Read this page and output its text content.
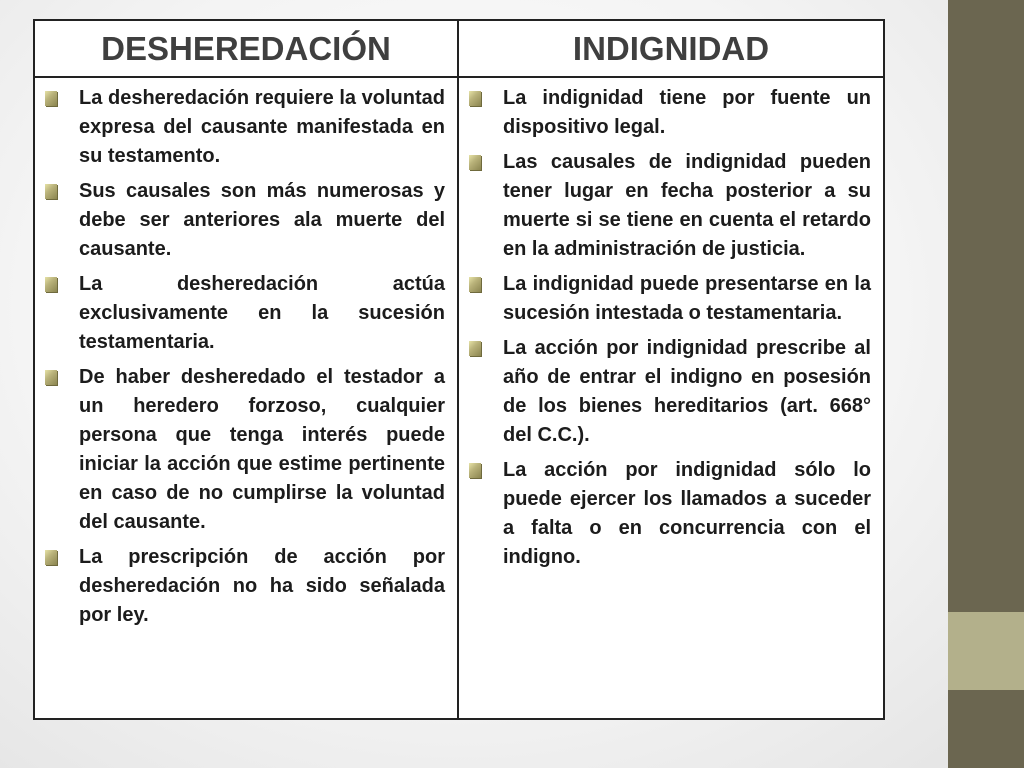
DESHEREDACIÓN	INDIGNIDAD
La desheredación requiere la voluntad expresa del causante manifestada en su testamento.
Sus causales son más numerosas y debe ser anteriores ala muerte del causante.
La desheredación actúa exclusivamente en la sucesión testamentaria.
De haber desheredado el testador a un heredero forzoso, cualquier persona que tenga interés puede iniciar la acción que estime pertinente en caso de no cumplirse la voluntad del causante.
La prescripción de acción por desheredación no ha sido señalada por ley.
La indignidad tiene por fuente un dispositivo legal.
Las causales de indignidad pueden tener lugar en fecha posterior a su muerte si se tiene en cuenta el retardo en la administración de justicia.
La indignidad puede presentarse en la sucesión intestada o testamentaria.
La acción por indignidad prescribe al año de entrar el indigno en posesión de los bienes hereditarios (art. 668° del C.C.).
La acción por indignidad sólo lo puede ejercer los llamados a suceder a falta o en concurrencia con el indigno.
